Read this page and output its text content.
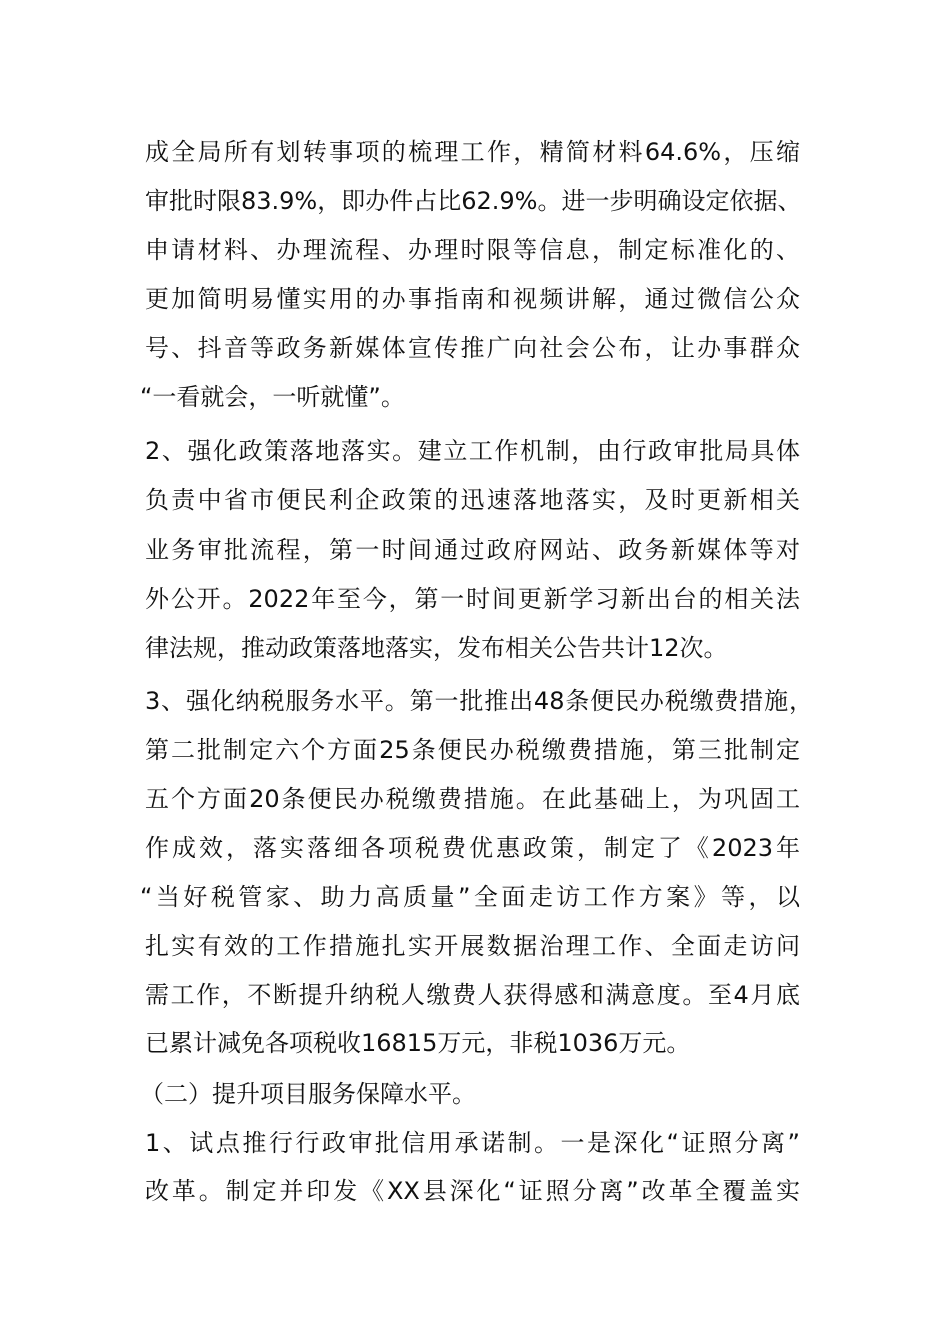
成全局所有划转事项的梳理工作，精简材料64.6%，压缩
审批时限83.9%，即办件占比62.9%。进一步明确设定依据、
申请材料、办理流程、办理时限等信息，制定标准化的、
更加简明易懂实用的办事指南和视频讲解，通过微信公众
号、抖音等政务新媒体宣传推广向社会公布，让办事群众
“一看就会，一听就懂”。
2、强化政策落地落实。建立工作机制，由行政审批局具体
负责中省市便民利企政策的迅速落地落实，及时更新相关
业务审批流程，第一时间通过政府网站、政务新媒体等对
外公开。2022年至今，第一时间更新学习新出台的相关法
律法规，推动政策落地落实，发布相关公告共计12次。
3、强化纳税服务水平。第一批推出48条便民办税缴费措施，
第二批制定六个方面25条便民办税缴费措施，第三批制定
五个方面20条便民办税缴费措施。在此基础上，为巩固工
作成效，落实落细各项税费优惠政策，制定了《2023年
“当好税管家、助力高质量”全面走访工作方案》等，以
扎实有效的工作措施扎实开展数据治理工作、全面走访问
需工作，不断提升纳税人缴费人获得感和满意度。至4月底
已累计减免各项税收16815万元，非税1036万元。
（二）提升项目服务保障水平。
1、试点推行行政审批信用承诺制。一是深化“证照分离”
改革。制定并印发《XX县深化“证照分离”改革全覆盖实
